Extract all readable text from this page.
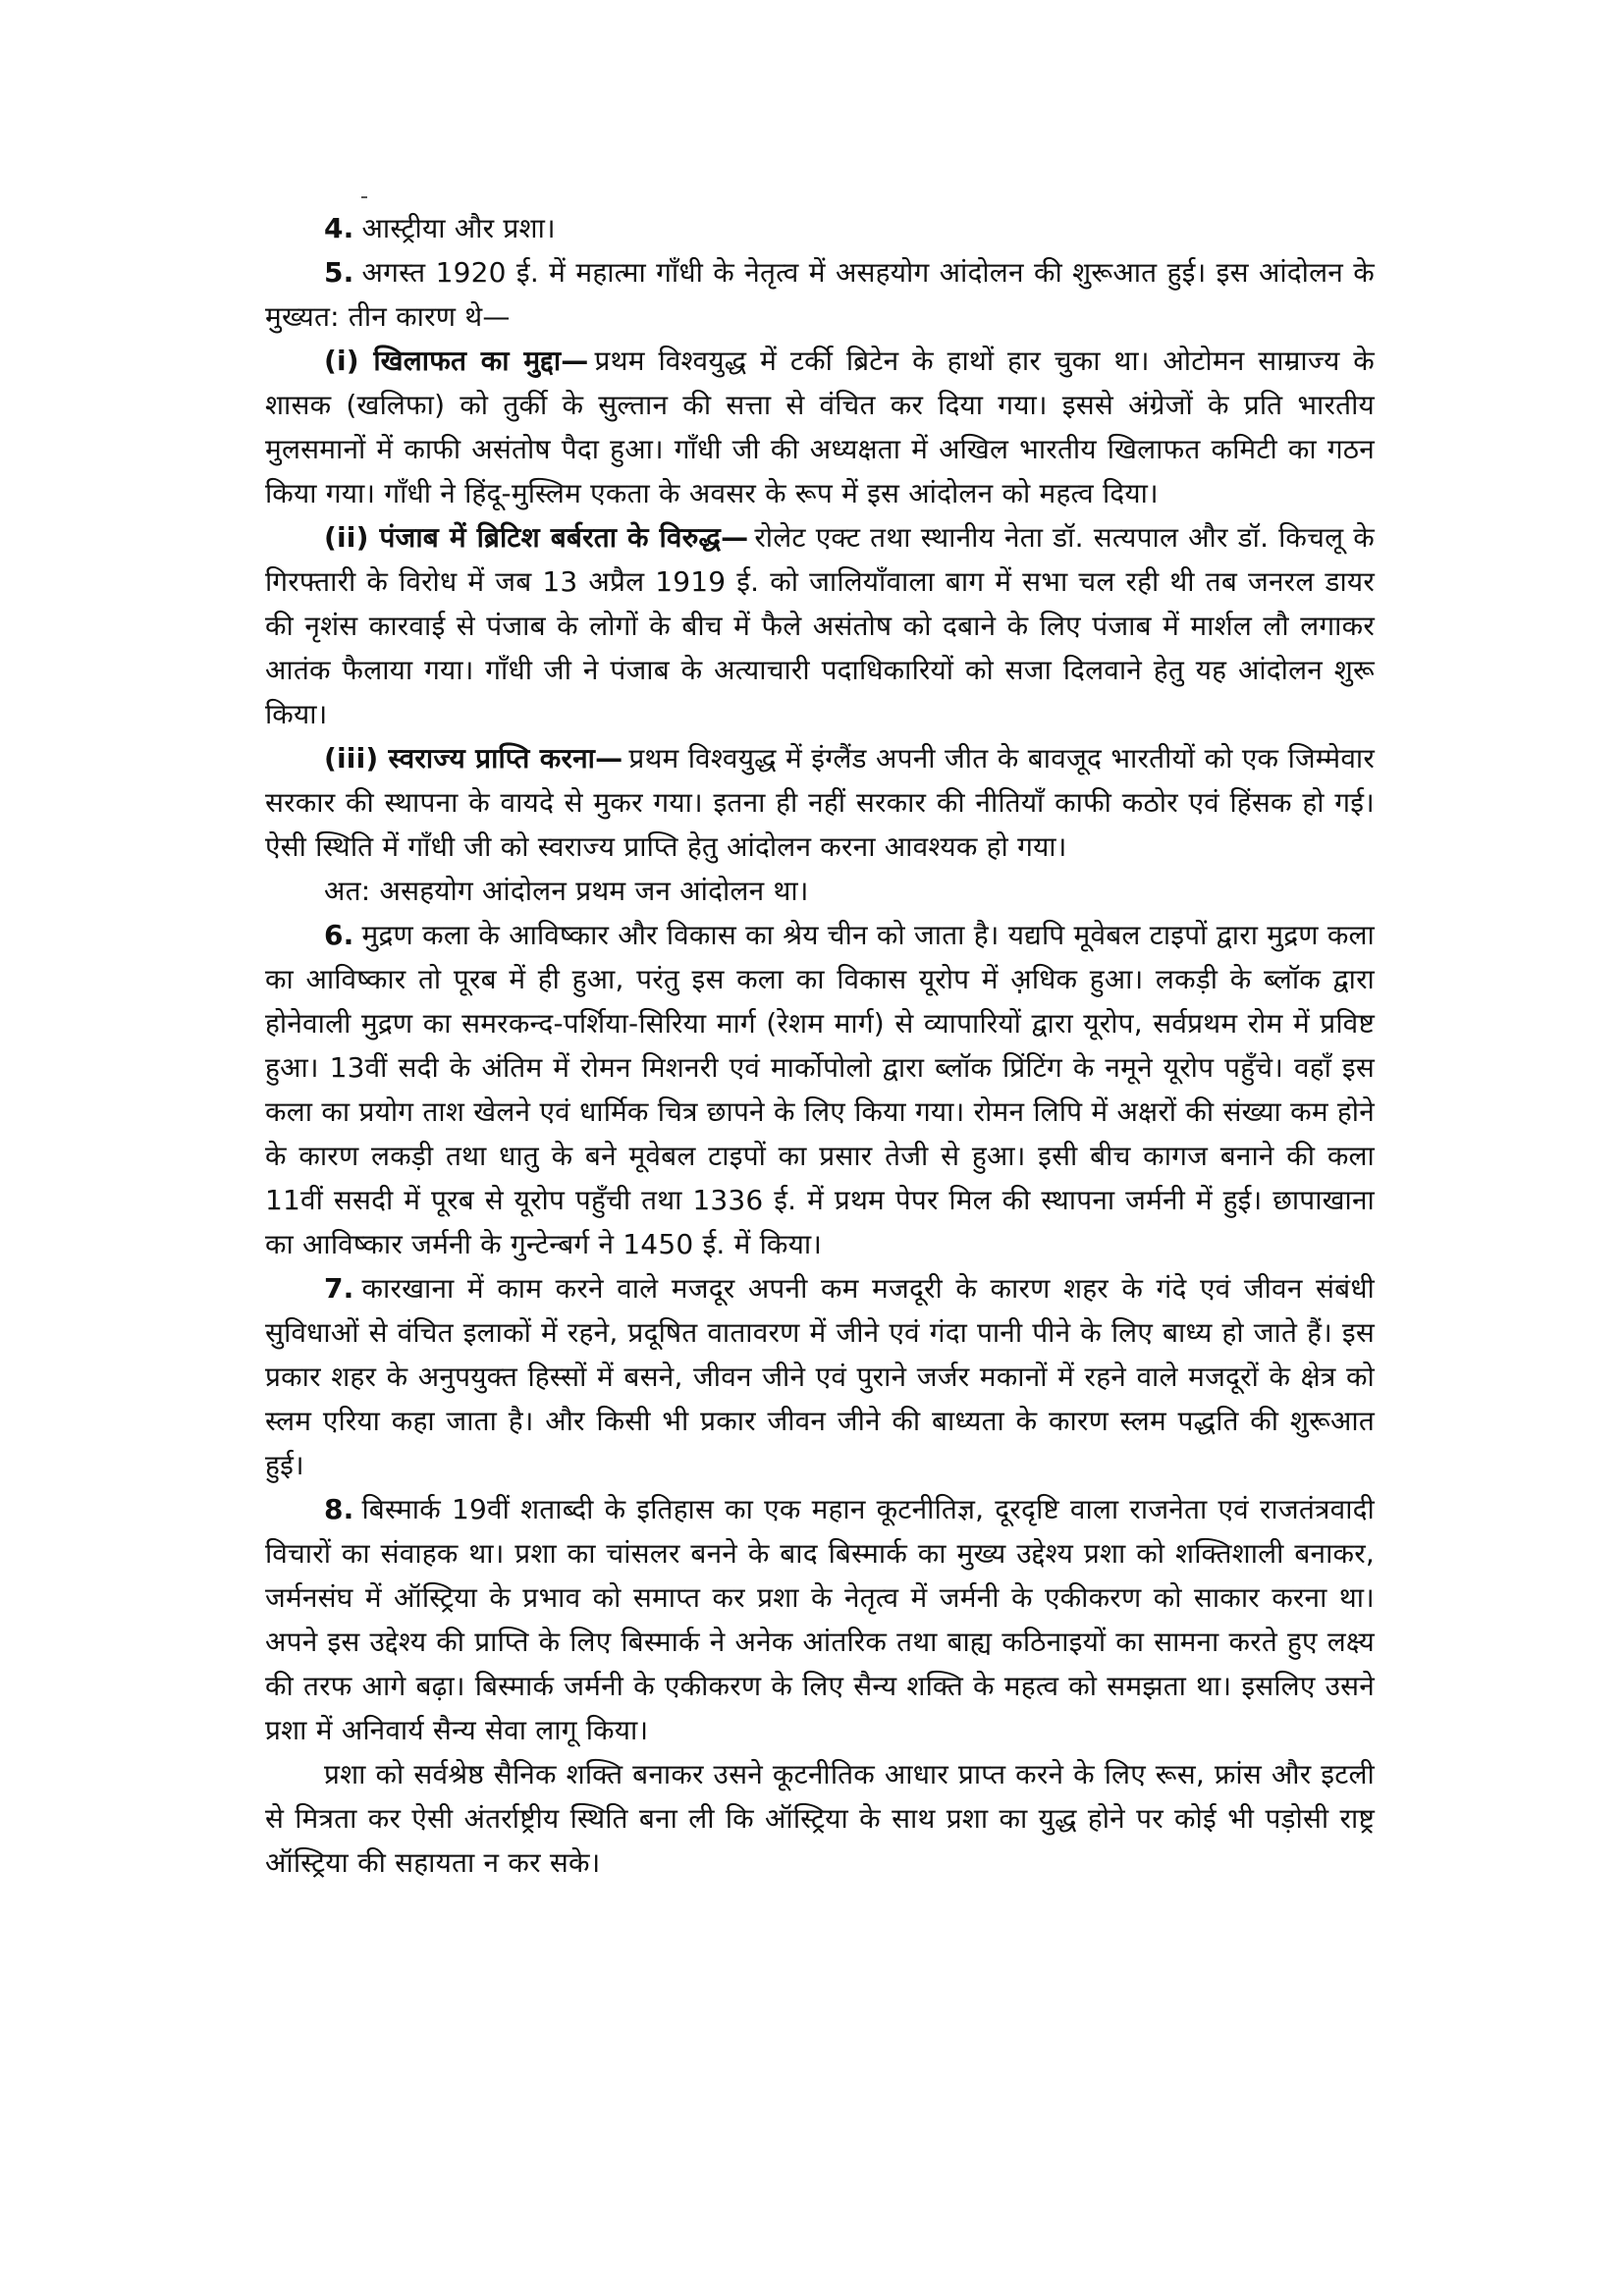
4. आस्ट्रीया और प्रशा।

5. अगस्त 1920 ई. में महात्मा गाँधी के नेतृत्व में असहयोग आंदोलन की शुरूआत हुई। इस आंदोलन के मुख्यत: तीन कारण थे—

(i) खिलाफत का मुद्दा— प्रथम विश्वयुद्ध में टर्की ब्रिटेन के हाथों हार चुका था। ओटोमन साम्राज्य के शासक (खलिफा) को तुर्की के सुल्तान की सत्ता से वंचित कर दिया गया। इससे अंग्रेजों के प्रति भारतीय मुलसमानों में काफी असंतोष पैदा हुआ। गाँधी जी की अध्यक्षता में अखिल भारतीय खिलाफत कमिटी का गठन किया गया। गाँधी ने हिंदू-मुस्लिम एकता के अवसर के रूप में इस आंदोलन को महत्व दिया।

(ii) पंजाब में ब्रिटिश बर्बरता के विरुद्ध— रोलेट एक्ट तथा स्थानीय नेता डॉ. सत्यपाल और डॉ. किचलू के गिरफ्तारी के विरोध में जब 13 अप्रैल 1919 ई. को जालियाँवाला बाग में सभा चल रही थी तब जनरल डायर की नृशंस कारवाई से पंजाब के लोगों के बीच में फैले असंतोष को दबाने के लिए पंजाब में मार्शल लौ लगाकर आतंक फैलाया गया। गाँधी जी ने पंजाब के अत्याचारी पदाधिकारियों को सजा दिलवाने हेतु यह आंदोलन शुरू किया।

(iii) स्वराज्य प्राप्ति करना— प्रथम विश्वयुद्ध में इंग्लैंड अपनी जीत के बावजूद भारतीयों को एक जिम्मेवार सरकार की स्थापना के वायदे से मुकर गया। इतना ही नहीं सरकार की नीतियाँ काफी कठोर एवं हिंसक हो गई। ऐसी स्थिति में गाँधी जी को स्वराज्य प्राप्ति हेतु आंदोलन करना आवश्यक हो गया।

अत: असहयोग आंदोलन प्रथम जन आंदोलन था।

6. मुद्रण कला के आविष्कार और विकास का श्रेय चीन को जाता है। यद्यपि मूवेबल टाइपों द्वारा मुद्रण कला का आविष्कार तो पूरब में ही हुआ, परंतु इस कला का विकास यूरोप में अधिक हुआ। लकड़ी के ब्लॉक द्वारा होनेवाली मुद्रण का समरकन्द-पर्शिया-सिरिया मार्ग (रेशम मार्ग) से व्यापारियों द्वारा यूरोप, सर्वप्रथम रोम में प्रविष्ट हुआ। 13वीं सदी के अंतिम में रोमन मिशनरी एवं मार्कोपोलो द्वारा ब्लॉक प्रिंटिंग के नमूने यूरोप पहुँचे। वहाँ इस कला का प्रयोग ताश खेलने एवं धार्मिक चित्र छापने के लिए किया गया। रोमन लिपि में अक्षरों की संख्या कम होने के कारण लकड़ी तथा धातु के बने मूवेबल टाइपों का प्रसार तेजी से हुआ। इसी बीच कागज बनाने की कला 11वीं ससदी में पूरब से यूरोप पहुँची तथा 1336 ई. में प्रथम पेपर मिल की स्थापना जर्मनी में हुई। छापाखाना का आविष्कार जर्मनी के गुन्टेन्बर्ग ने 1450 ई. में किया।

7. कारखाना में काम करने वाले मजदूर अपनी कम मजदूरी के कारण शहर के गंदे एवं जीवन संबंधी सुविधाओं से वंचित इलाकों में रहने, प्रदूषित वातावरण में जीने एवं गंदा पानी पीने के लिए बाध्य हो जाते हैं। इस प्रकार शहर के अनुपयुक्त हिस्सों में बसने, जीवन जीने एवं पुराने जर्जर मकानों में रहने वाले मजदूरों के क्षेत्र को स्लम एरिया कहा जाता है। और किसी भी प्रकार जीवन जीने की बाध्यता के कारण स्लम पद्धति की शुरूआत हुई।

8. बिस्मार्क 19वीं शताब्दी के इतिहास का एक महान कूटनीतिज्ञ, दूरदृष्टि वाला राजनेता एवं राजतंत्रवादी विचारों का संवाहक था। प्रशा का चांसलर बनने के बाद बिस्मार्क का मुख्य उद्देश्य प्रशा को शक्तिशाली बनाकर, जर्मनसंघ में ऑस्ट्रिया के प्रभाव को समाप्त कर प्रशा के नेतृत्व में जर्मनी के एकीकरण को साकार करना था। अपने इस उद्देश्य की प्राप्ति के लिए बिस्मार्क ने अनेक आंतरिक तथा बाह्य कठिनाइयों का सामना करते हुए लक्ष्य की तरफ आगे बढ़ा। बिस्मार्क जर्मनी के एकीकरण के लिए सैन्य शक्ति के महत्व को समझता था। इसलिए उसने प्रशा में अनिवार्य सैन्य सेवा लागू किया।

प्रशा को सर्वश्रेष्ठ सैनिक शक्ति बनाकर उसने कूटनीतिक आधार प्राप्त करने के लिए रूस, फ्रांस और इटली से मित्रता कर ऐसी अंतर्राष्ट्रीय स्थिति बना ली कि ऑस्ट्रिया के साथ प्रशा का युद्ध होने पर कोई भी पड़ोसी राष्ट्र ऑस्ट्रिया की सहायता न कर सके।
